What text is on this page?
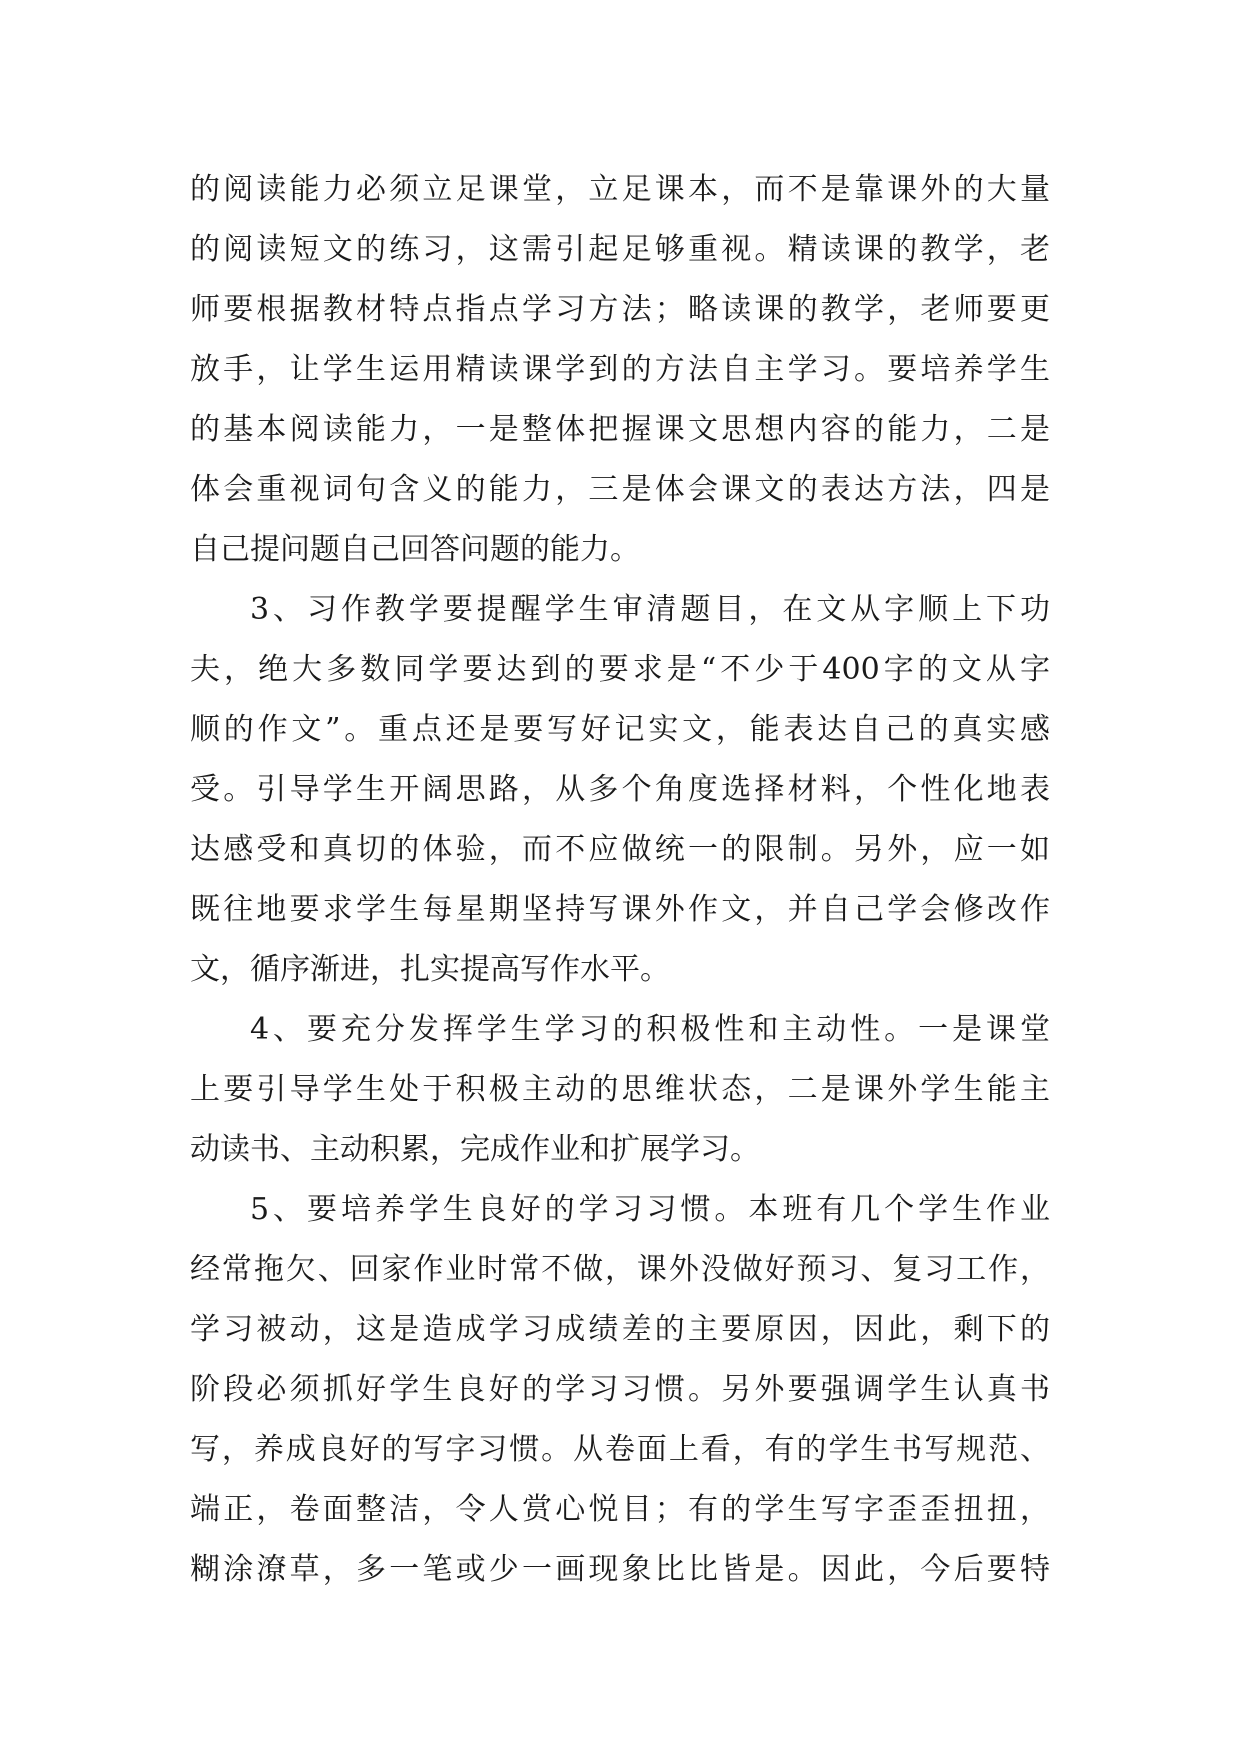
的阅读能力必须立足课堂，立足课本，而不是靠课外的大量
的阅读短文的练习，这需引起足够重视。精读课的教学，老
师要根据教材特点指点学习方法；略读课的教学，老师要更
放手，让学生运用精读课学到的方法自主学习。要培养学生
的基本阅读能力，一是整体把握课文思想内容的能力，二是
体会重视词句含义的能力，三是体会课文的表达方法，四是
自己提问题自己回答问题的能力。
3、习作教学要提醒学生审清题目，在文从字顺上下功
夫，绝大多数同学要达到的要求是“不少于400字的文从字
顺的作文”。重点还是要写好记实文，能表达自己的真实感
受。引导学生开阔思路，从多个角度选择材料，个性化地表
达感受和真切的体验，而不应做统一的限制。另外，应一如
既往地要求学生每星期坚持写课外作文，并自己学会修改作
文，循序渐进，扎实提高写作水平。
4、要充分发挥学生学习的积极性和主动性。一是课堂
上要引导学生处于积极主动的思维状态，二是课外学生能主
动读书、主动积累，完成作业和扩展学习。
5、要培养学生良好的学习习惯。本班有几个学生作业
经常拖欠、回家作业时常不做，课外没做好预习、复习工作，
学习被动，这是造成学习成绩差的主要原因，因此，剩下的
阶段必须抓好学生良好的学习习惯。另外要强调学生认真书
写，养成良好的写字习惯。从卷面上看，有的学生书写规范、
端正，卷面整洁，令人赏心悦目；有的学生写字歪歪扭扭，
糊涂潦草，多一笔或少一画现象比比皆是。因此，今后要特
